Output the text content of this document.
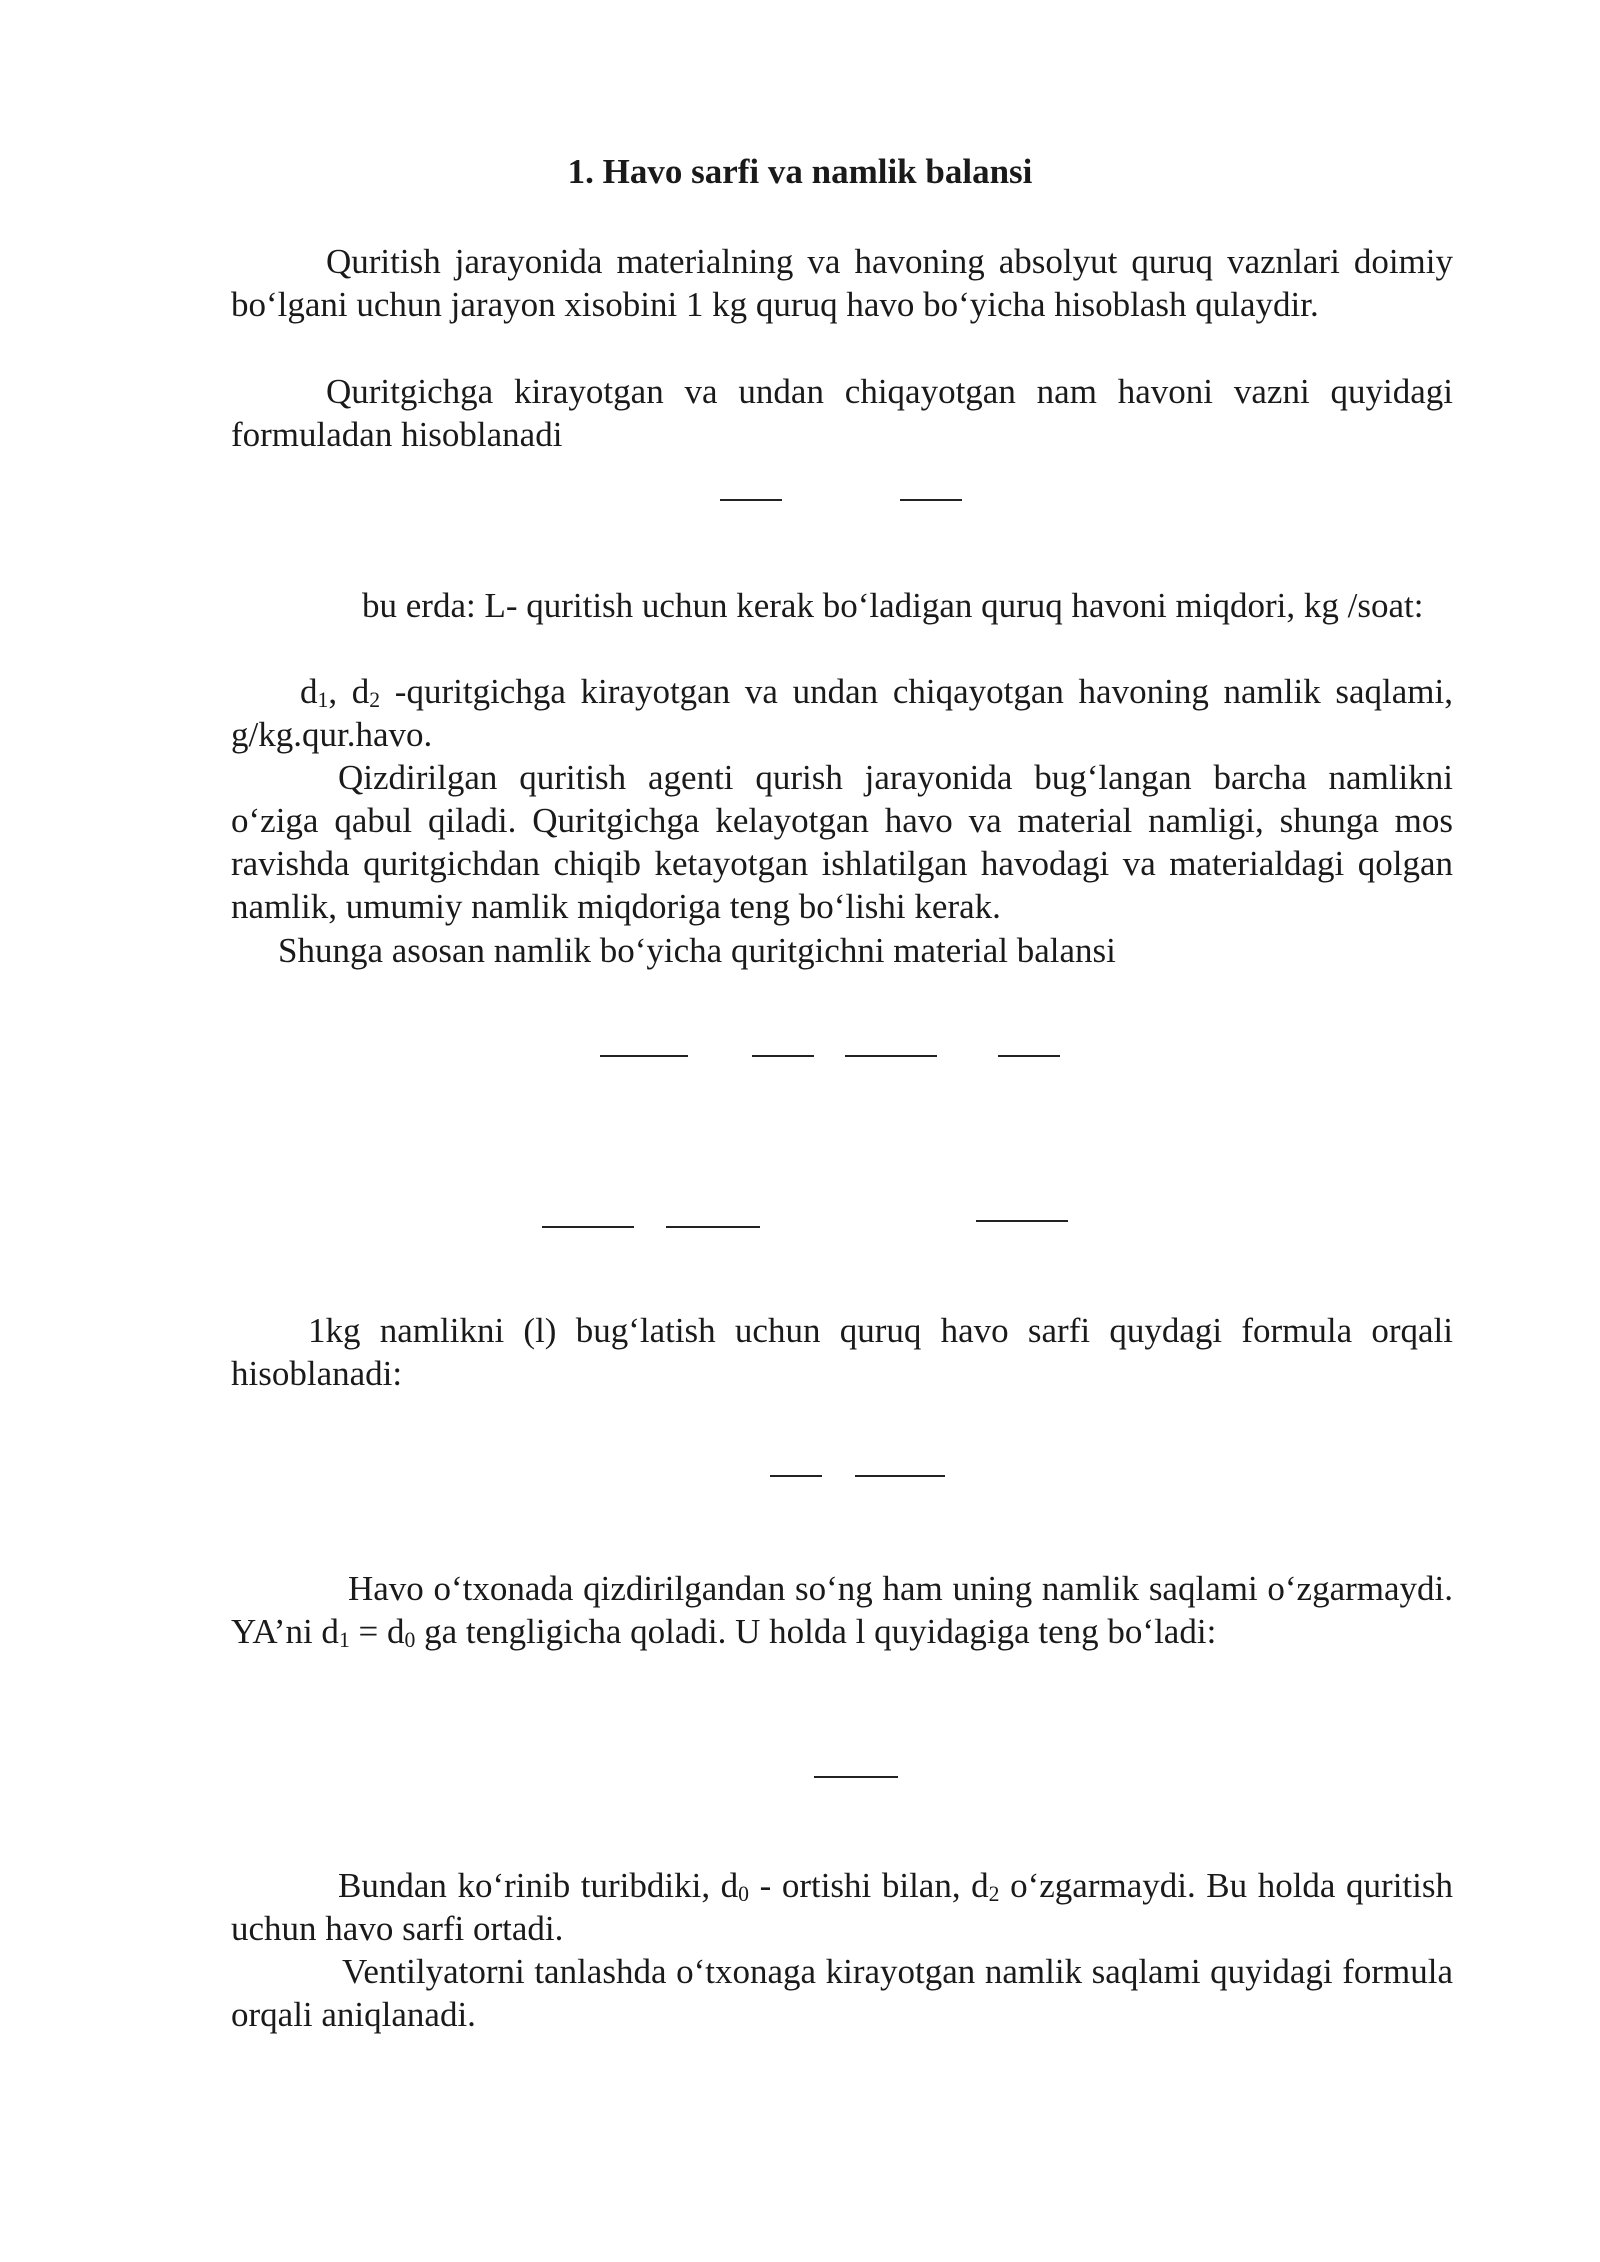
1. Havo sarfi va namlik balansi

Quritish jarayonida materialning va havoning absolyut quruq vaznlari doimiy bo‘lgani uchun jarayon xisobini 1 kg quruq havo bo‘yicha hisoblash qulaydir.

Quritgichga kirayotgan va undan chiqayotgan nam havoni vazni quyidagi formuladan hisoblanadi

bu erda: L- quritish uchun kerak bo‘ladigan quruq havoni miqdori, kg /soat:

$d_1$, $d_2$ -quritgichga kirayotgan va undan chiqayotgan havoning namlik saqlami, g/kg.qur.havo.

Qizdirilgan quritish agenti qurish jarayonida bug‘langan barcha namlikni o‘ziga qabul qiladi. Quritgichga kelayotgan havo va material namligi, shunga mos ravishda quritgichdan chiqib ketayotgan ishlatilgan havodagi va materialdagi qolgan namlik, umumiy namlik miqdoriga teng bo‘lishi kerak.

Shunga asosan namlik bo‘yicha quritgichni material balansi

1kg namlikni (l) bug‘latish uchun quruq havo sarfi quydagi formula orqali hisoblanadi:

Havo o‘txonada qizdirilgandan so‘ng ham uning namlik saqlami o‘zgarmaydi. YA’ni $d_1 = d_0$ ga tengligicha qoladi. U holda l quyidagiga teng bo‘ladi:

Bundan ko‘rinib turibdiki, $d_0$ - ortishi bilan, $d_2$ o‘zgarmaydi. Bu holda quritish uchun havo sarfi ortadi.

Ventilyatorni tanlashda o‘txonaga kirayotgan namlik saqlami quyidagi formula orqali aniqlanadi.
